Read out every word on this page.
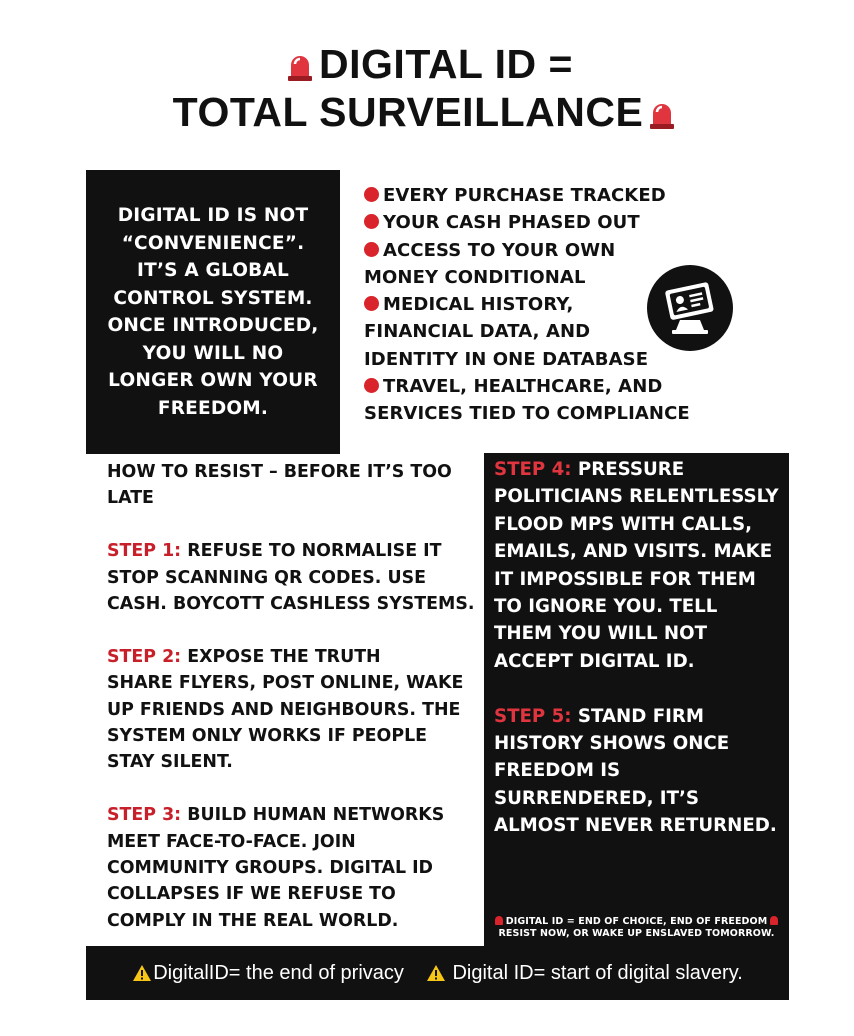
DIGITAL ID =
TOTAL SURVEILLANCE
DIGITAL ID IS NOT “CONVENIENCE”. IT’S A GLOBAL CONTROL SYSTEM. ONCE INTRODUCED, YOU WILL NO LONGER OWN YOUR FREEDOM.
EVERY PURCHASE TRACKED
YOUR CASH PHASED OUT
ACCESS TO YOUR OWN MONEY CONDITIONAL
MEDICAL HISTORY, FINANCIAL DATA, AND IDENTITY IN ONE DATABASE
TRAVEL, HEALTHCARE, AND SERVICES TIED TO COMPLIANCE
HOW TO RESIST – BEFORE IT’S TOO LATE
STEP 1: REFUSE TO NORMALISE IT
STOP SCANNING QR CODES. USE CASH. BOYCOTT CASHLESS SYSTEMS.
STEP 2: EXPOSE THE TRUTH
SHARE FLYERS, POST ONLINE, WAKE UP FRIENDS AND NEIGHBOURS. THE SYSTEM ONLY WORKS IF PEOPLE STAY SILENT.
STEP 3: BUILD HUMAN NETWORKS
MEET FACE-TO-FACE. JOIN COMMUNITY GROUPS. DIGITAL ID COLLAPSES IF WE REFUSE TO COMPLY IN THE REAL WORLD.
STEP 4: PRESSURE POLITICIANS RELENTLESSLY
FLOOD MPS WITH CALLS, EMAILS, AND VISITS. MAKE IT IMPOSSIBLE FOR THEM TO IGNORE YOU. TELL THEM YOU WILL NOT ACCEPT DIGITAL ID.
STEP 5: STAND FIRM
HISTORY SHOWS ONCE FREEDOM IS SURRENDERED, IT’S ALMOST NEVER RETURNED.
DIGITAL ID = END OF CHOICE, END OF FREEDOM
RESIST NOW, OR WAKE UP ENSLAVED TOMORROW.
DigitalID= the end of privacy
Digital ID= start of digital slavery.
